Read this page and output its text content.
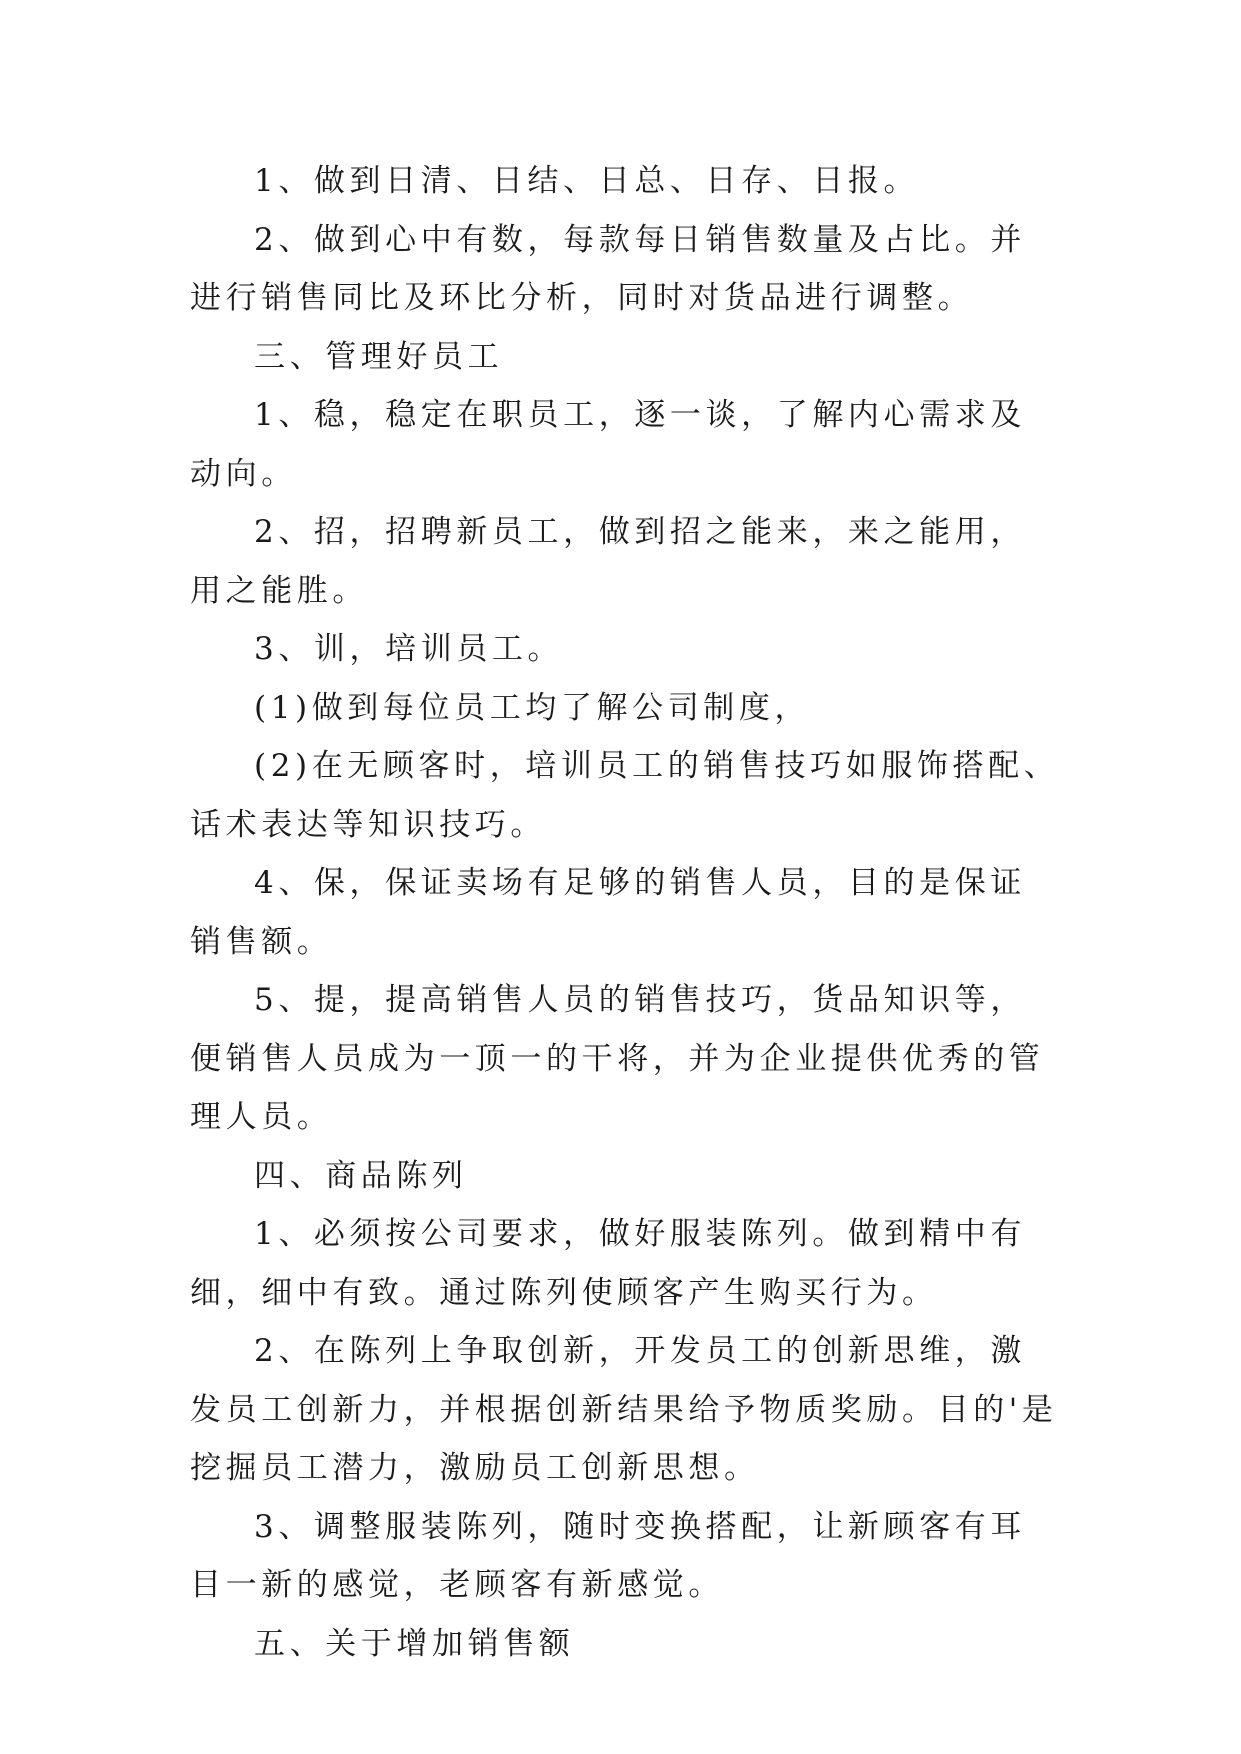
1、做到日清、日结、日总、日存、日报。

2、做到心中有数，每款每日销售数量及占比。并进行销售同比及环比分析，同时对货品进行调整。

三、管理好员工

1、稳，稳定在职员工，逐一谈，了解内心需求及动向。

2、招，招聘新员工，做到招之能来，来之能用，用之能胜。

3、训，培训员工。

(1)做到每位员工均了解公司制度，

(2)在无顾客时，培训员工的销售技巧如服饰搭配、话术表达等知识技巧。

4、保，保证卖场有足够的销售人员，目的是保证销售额。

5、提，提高销售人员的销售技巧，货品知识等，便销售人员成为一顶一的干将，并为企业提供优秀的管理人员。

四、商品陈列

1、必须按公司要求，做好服装陈列。做到精中有细，细中有致。通过陈列使顾客产生购买行为。

2、在陈列上争取创新，开发员工的创新思维，激发员工创新力，并根据创新结果给予物质奖励。目的'是挖掘员工潜力，激励员工创新思想。

3、调整服装陈列，随时变换搭配，让新顾客有耳目一新的感觉，老顾客有新感觉。

五、关于增加销售额
